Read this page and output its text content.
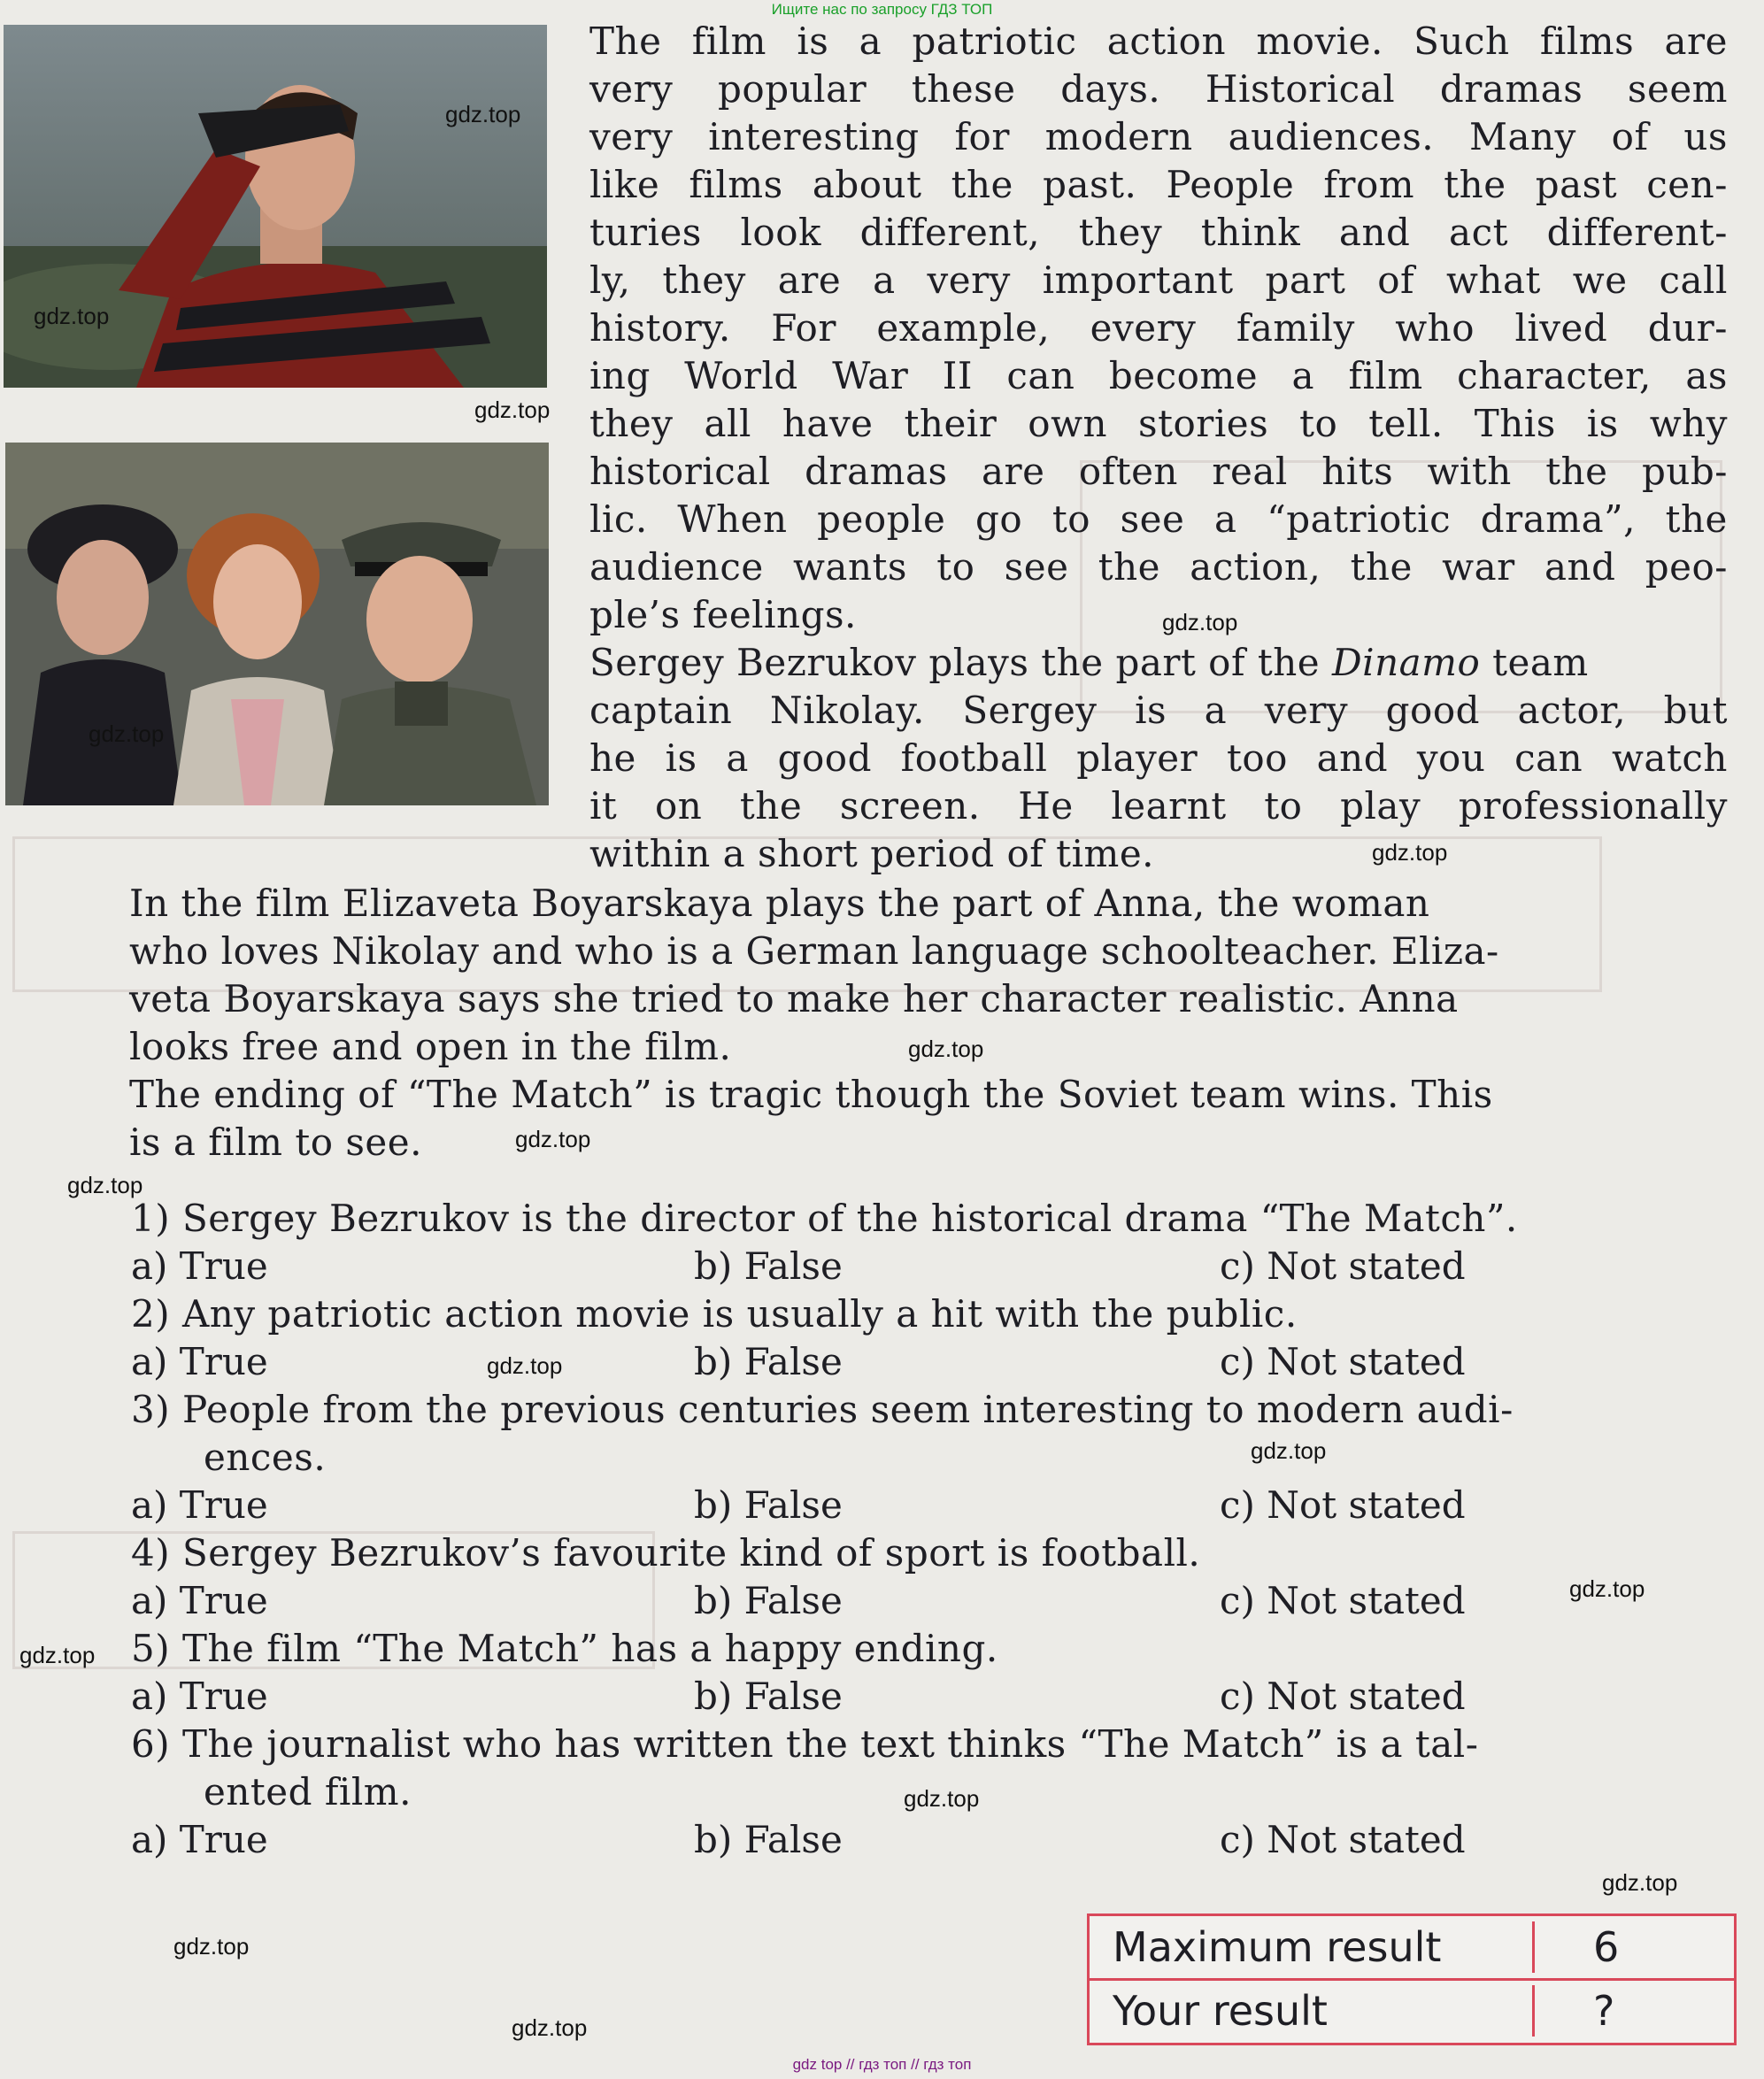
Ищите нас по запросу ГДЗ ТОП
gdz top // гдз топ // гдз топ
The film is a patriotic action movie. Such films are
very popular these days. Historical dramas seem
very interesting for modern audiences. Many of us
like films about the past. People from the past cen-
turies look different, they think and act different-
ly, they are a very important part of what we call
history. For example, every family who lived dur-
ing World War II can become a film character, as
they all have their own stories to tell. This is why
historical dramas are often real hits with the pub-
lic. When people go to see a “patriotic drama”, the
audience wants to see the action, the war and peo-
ple’s feelings.
Sergey Bezrukov plays the part of the Dinamo team
captain Nikolay. Sergey is a very good actor, but
he is a good football player too and you can watch
it on the screen. He learnt to play professionally
within a short period of time.
In the film Elizaveta Boyarskaya plays the part of Anna, the woman
who loves Nikolay and who is a German language schoolteacher. Eliza-
veta Boyarskaya says she tried to make her character realistic. Anna
looks free and open in the film.
The ending of “The Match” is tragic though the Soviet team wins. This
is a film to see.
1) Sergey Bezrukov is the director of the historical drama “The Match”.
a) True	b) False	c) Not stated
2) Any patriotic action movie is usually a hit with the public.
a) True	b) False	c) Not stated
3) People from the previous centuries seem interesting to modern audi-
ences.
a) True	b) False	c) Not stated
4) Sergey Bezrukov’s favourite kind of sport is football.
a) True	b) False	c) Not stated
5) The film “The Match” has a happy ending.
a) True	b) False	c) Not stated
6) The journalist who has written the text thinks “The Match” is a tal-
ented film.
a) True	b) False	c) Not stated
Maximum result	6
Your result	?
gdz.top
gdz.top
gdz.top
gdz.top
gdz.top
gdz.top
gdz.top
gdz.top
gdz.top
gdz.top
gdz.top
gdz.top
gdz.top
gdz.top
gdz.top
gdz.top
gdz.top
